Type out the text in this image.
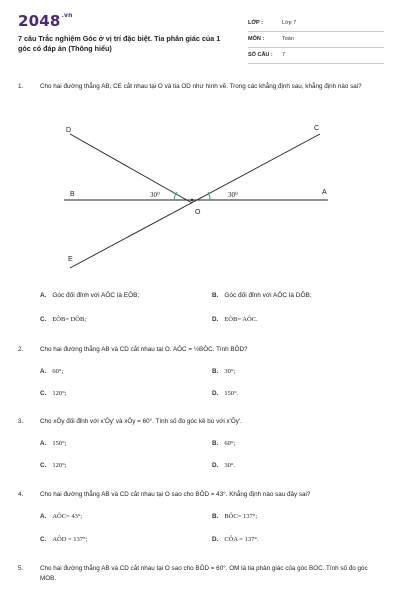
$2048^{.vn}$
7 câu Trắc nghiệm Góc ở vị trí đặc biệt. Tia phân giác của 1 góc có đáp án (Thông hiểu)
LỚP :	Lớp 7
MÔN :	Toán
SỐ CÂU : 7
1.	Cho hai đường thẳng AB, CE cắt nhau tại O và tia OD như hình vẽ. Trong các khẳng định sau, khẳng định nào sai?
D	C
B	A
O
E
30⁰	30⁰
A. Góc đối đỉnh với AÔC là EÔB;	B. Góc đối đỉnh với AÔC là DÔB;
C. EÔB= DÔB;	D. EÔB= AÔC.
2.	Cho hai đường thẳng AB và CD cắt nhau tại O. AÔC = ½BÔC. Tính BÔD?
A. 60°;	B. 30°;
C. 120°;	D. 150°.
3.	Cho xÔy đối đỉnh với x'Ôy' và xÔy = 60°. Tính số đo góc kề bù với x'Ôy'.
A. 150°;	B. 60°;
C. 120°;	D. 30°.
4.	Cho hai đường thẳng AB và CD cắt nhau tại O sao cho BÔD = 43°. Khẳng định nào sau đây sai?
A. AÔC= 43°;	B. BÔC= 137°;
C. AÔD = 137°;	D. CÔA = 137°.
5.	Cho hai đường thẳng AB và CD cắt nhau tại O sao cho BÔD = 60°. OM là tia phân giác của góc BOC. Tính số đo góc MOB.
